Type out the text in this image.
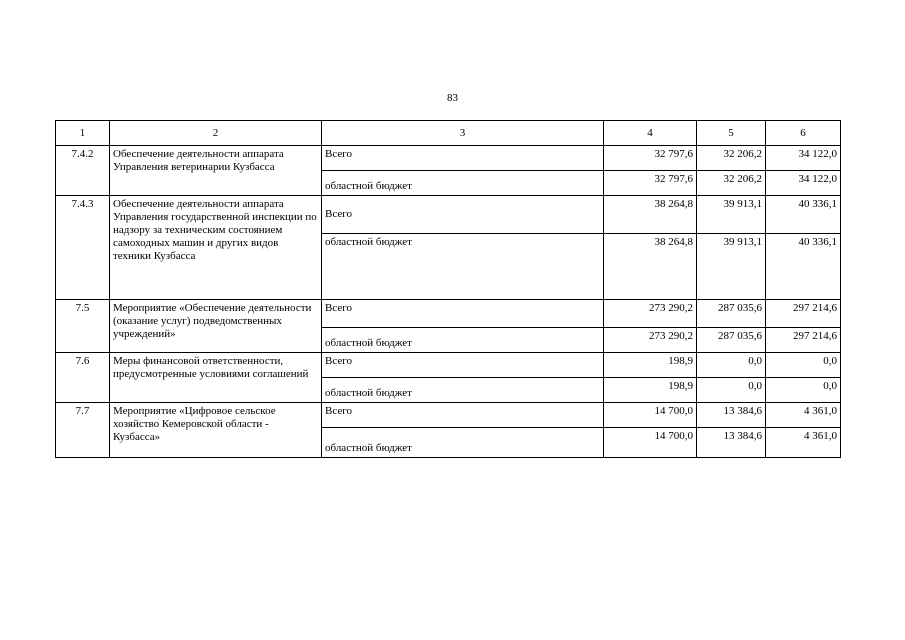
83
1	2	3	4	5	6
7.4.2	Обеспечение деятельности аппарата Управления ветеринарии Кузбасса	Всего	32 797,6	32 206,2	34 122,0
		областной бюджет	32 797,6	32 206,2	34 122,0
7.4.3	Обеспечение деятельности аппарата Управления государственной инспекции по надзору за техническим состоянием самоходных машин и других видов техники Кузбасса	Всего	38 264,8	39 913,1	40 336,1
		областной бюджет	38 264,8	39 913,1	40 336,1
7.5	Мероприятие «Обеспечение деятельности (оказание услуг) подведомственных учреждений»	Всего	273 290,2	287 035,6	297 214,6
		областной бюджет	273 290,2	287 035,6	297 214,6
7.6	Меры финансовой ответственности, предусмотренные условиями соглашений	Всего	198,9	0,0	0,0
		областной бюджет	198,9	0,0	0,0
7.7	Мероприятие «Цифровое сельское хозяйство Кемеровской области - Кузбасса»	Всего	14 700,0	13 384,6	4 361,0
		областной бюджет	14 700,0	13 384,6	4 361,0
